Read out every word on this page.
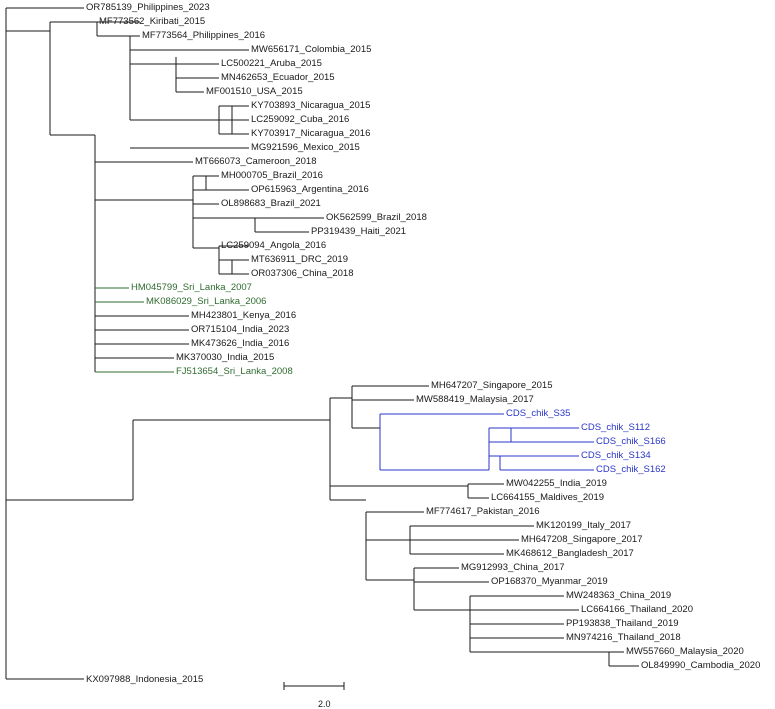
OR785139_Philippines_2023
MF773562_Kiribati_2015
MF773564_Philippines_2016
MW656171_Colombia_2015
LC500221_Aruba_2015
MN462653_Ecuador_2015
MF001510_USA_2015
KY703893_Nicaragua_2015
LC259092_Cuba_2016
KY703917_Nicaragua_2016
MG921596_Mexico_2015
MT666073_Cameroon_2018
MH000705_Brazil_2016
OP615963_Argentina_2016
OL898683_Brazil_2021
OK562599_Brazil_2018
PP319439_Haiti_2021
LC259094_Angola_2016
MT636911_DRC_2019
OR037306_China_2018
HM045799_Sri_Lanka_2007
MK086029_Sri_Lanka_2006
MH423801_Kenya_2016
OR715104_India_2023
MK473626_India_2016
MK370030_India_2015
FJ513654_Sri_Lanka_2008
MH647207_Singapore_2015
MW588419_Malaysia_2017
CDS_chik_S35
CDS_chik_S112
CDS_chik_S166
CDS_chik_S134
CDS_chik_S162
MW042255_India_2019
LC664155_Maldives_2019
MF774617_Pakistan_2016
MK120199_Italy_2017
MH647208_Singapore_2017
MK468612_Bangladesh_2017
MG912993_China_2017
OP168370_Myanmar_2019
MW248363_China_2019
LC664166_Thailand_2020
PP193838_Thailand_2019
MN974216_Thailand_2018
MW557660_Malaysia_2020
OL849990_Cambodia_2020
KX097988_Indonesia_2015
2.0
